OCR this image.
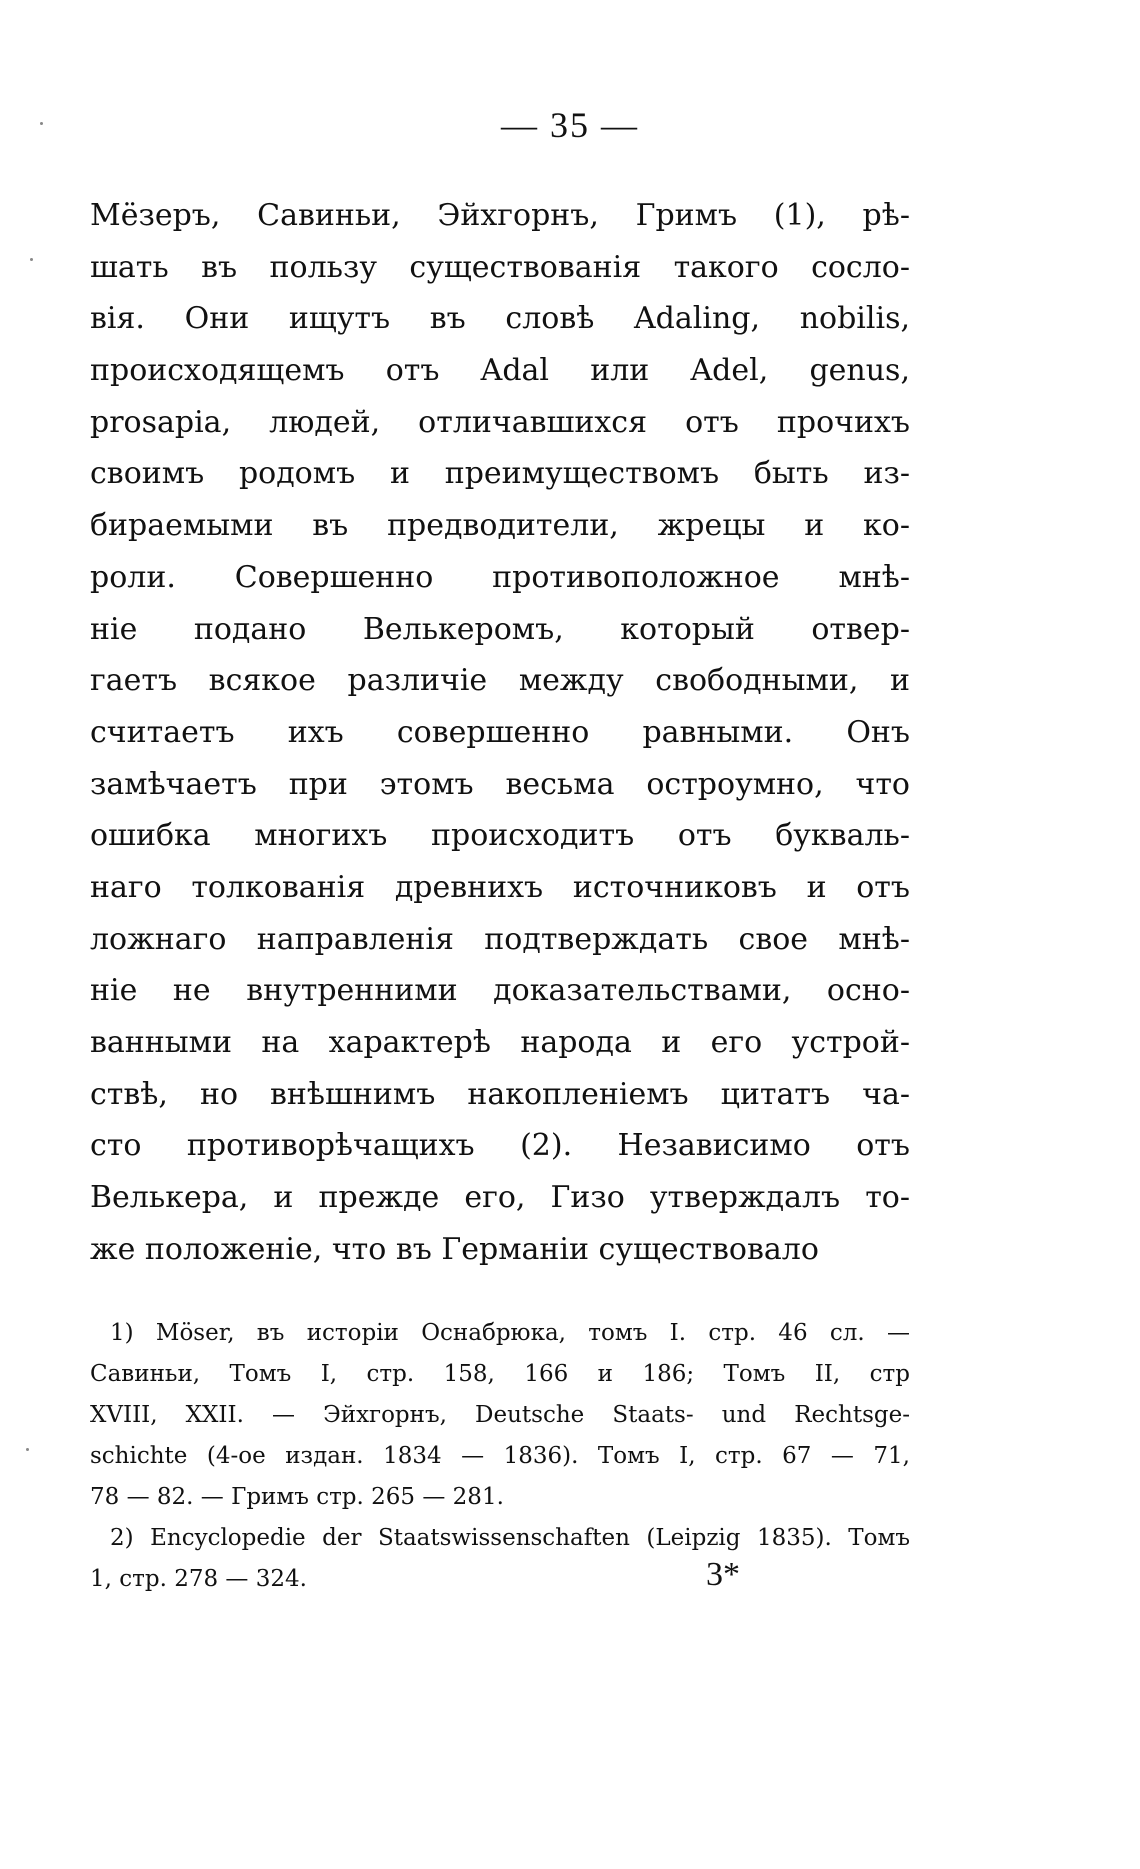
— 35 —
Мёзеръ, Савиньи, Эйхгорнъ, Гримъ (1), рѣ-
шать въ пользу существованія такого сосло-
вія. Они ищутъ въ словѣ Adaling, nobilis,
происходящемъ отъ Adal или Adel, genus,
prosapia, людей, отличавшихся отъ прочихъ
своимъ родомъ и преимуществомъ быть из-
бираемыми въ предводители, жрецы и ко-
роли. Совершенно противоположное мнѣ-
ніе подано Велькеромъ, который отвер-
гаетъ всякое различіе между свободными, и
считаетъ ихъ совершенно равными. Онъ
замѣчаетъ при этомъ весьма остроумно, что
ошибка многихъ происходитъ отъ букваль-
наго толкованія древнихъ источниковъ и отъ
ложнаго направленія подтверждать свое мнѣ-
ніе не внутренними доказательствами, осно-
ванными на характерѣ народа и его устрой-
ствѣ, но внѣшнимъ накопленіемъ цитатъ ча-
сто противорѣчащихъ (2). Независимо отъ
Велькера, и прежде его, Гизо утверждалъ то-
же положеніе, что въ Германіи существовало
1) Möser, въ исторіи Оснабрюка, томъ I. стр. 46 сл. —
Савиньи, Томъ I, стр. 158, 166 и 186; Томъ II, стр
XVIII, XXII. — Эйхгорнъ, Deutsche Staats- und Rechtsge-
schichte (4-ое издан. 1834 — 1836). Томъ I, стр. 67 — 71,
78 — 82. — Гримъ стр. 265 — 281.
2) Encyclopedie der Staatswissenschaften (Leipzig 1835). Томъ
1, стр. 278 — 324.	3*
